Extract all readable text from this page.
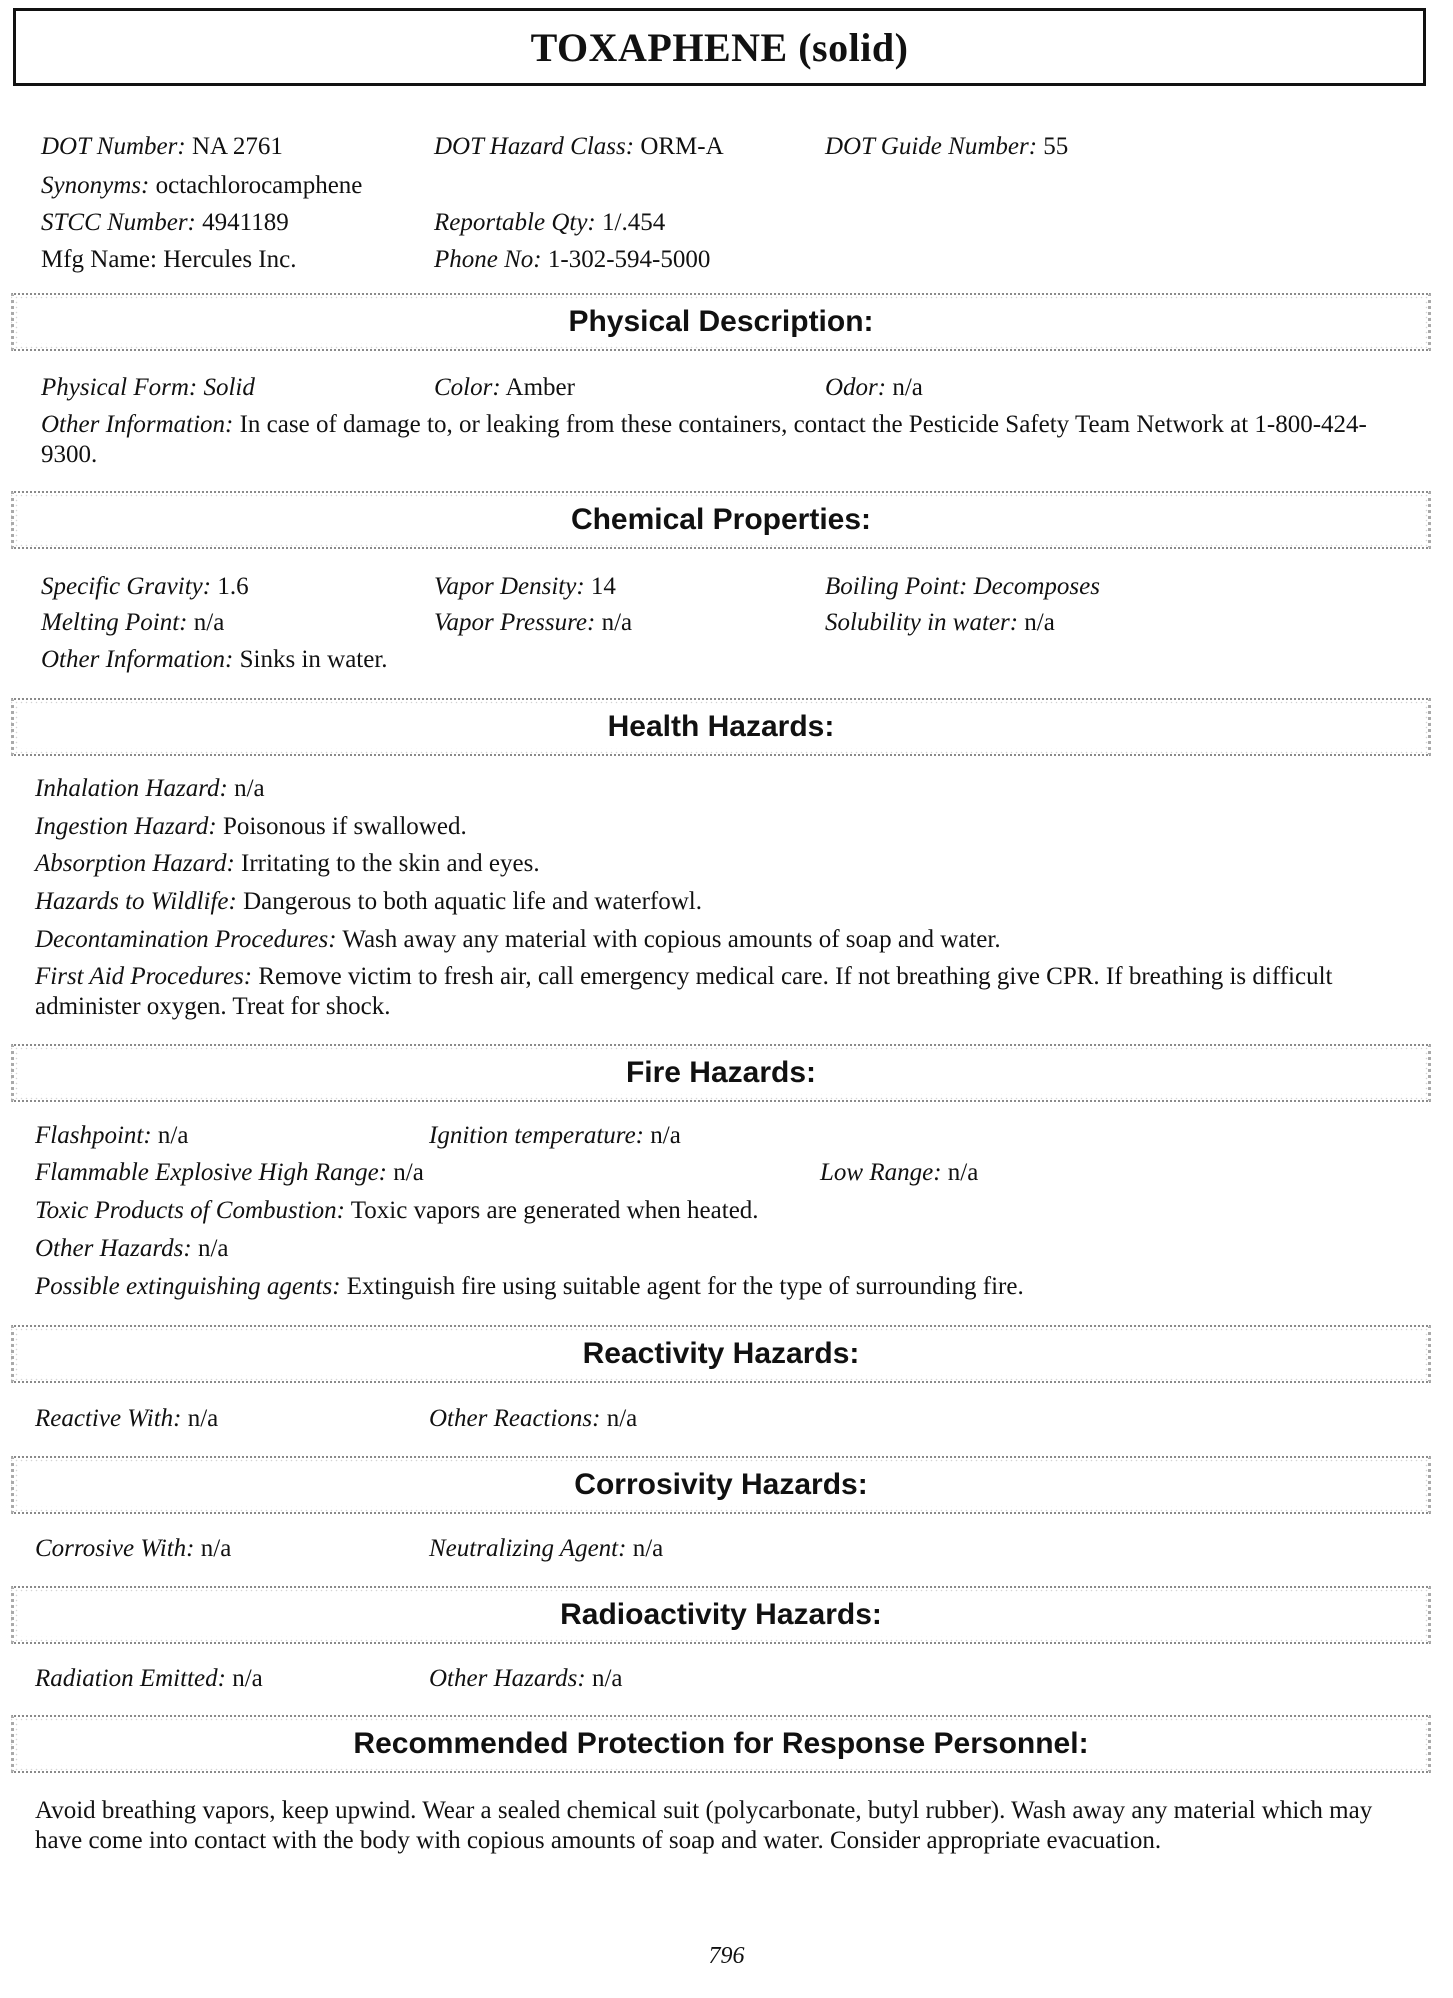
TOXAPHENE (solid)
DOT Number: NA 2761	DOT Hazard Class: ORM-A	DOT Guide Number: 55
Synonyms: octachlorocamphene
STCC Number: 4941189	Reportable Qty: 1/.454
Mfg Name: Hercules Inc.	Phone No: 1-302-594-5000
Physical Description:
Physical Form: Solid	Color: Amber	Odor: n/a
Other Information: In case of damage to, or leaking from these containers, contact the Pesticide Safety Team Network at 1-800-424-9300.
Chemical Properties:
Specific Gravity: 1.6	Vapor Density: 14	Boiling Point: Decomposes
Melting Point: n/a	Vapor Pressure: n/a	Solubility in water: n/a
Other Information: Sinks in water.
Health Hazards:
Inhalation Hazard: n/a
Ingestion Hazard: Poisonous if swallowed.
Absorption Hazard: Irritating to the skin and eyes.
Hazards to Wildlife: Dangerous to both aquatic life and waterfowl.
Decontamination Procedures: Wash away any material with copious amounts of soap and water.
First Aid Procedures: Remove victim to fresh air, call emergency medical care. If not breathing give CPR. If breathing is difficult administer oxygen. Treat for shock.
Fire Hazards:
Flashpoint: n/a	Ignition temperature: n/a
Flammable Explosive High Range: n/a	Low Range: n/a
Toxic Products of Combustion: Toxic vapors are generated when heated.
Other Hazards: n/a
Possible extinguishing agents: Extinguish fire using suitable agent for the type of surrounding fire.
Reactivity Hazards:
Reactive With: n/a	Other Reactions: n/a
Corrosivity Hazards:
Corrosive With: n/a	Neutralizing Agent: n/a
Radioactivity Hazards:
Radiation Emitted: n/a	Other Hazards: n/a
Recommended Protection for Response Personnel:
Avoid breathing vapors, keep upwind. Wear a sealed chemical suit (polycarbonate, butyl rubber). Wash away any material which may have come into contact with the body with copious amounts of soap and water. Consider appropriate evacuation.
796
